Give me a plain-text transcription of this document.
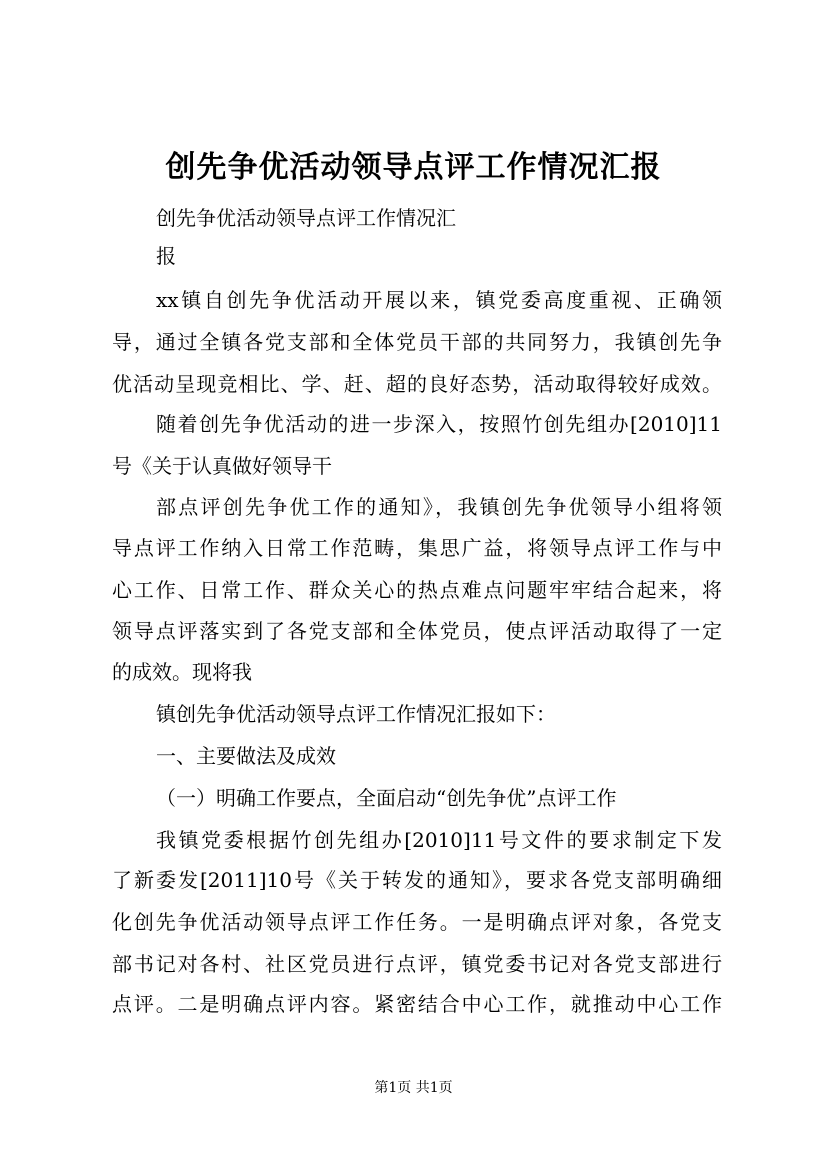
创先争优活动领导点评工作情况汇报
创先争优活动领导点评工作情况汇
报
xx镇自创先争优活动开展以来，镇党委高度重视、正确领
导，通过全镇各党支部和全体党员干部的共同努力，我镇创先争
优活动呈现竞相比、学、赶、超的良好态势，活动取得较好成效。
随着创先争优活动的进一步深入，按照竹创先组办[2010]11
号《关于认真做好领导干
部点评创先争优工作的通知》，我镇创先争优领导小组将领
导点评工作纳入日常工作范畴，集思广益，将领导点评工作与中
心工作、日常工作、群众关心的热点难点问题牢牢结合起来，将
领导点评落实到了各党支部和全体党员，使点评活动取得了一定
的成效。现将我
镇创先争优活动领导点评工作情况汇报如下：
一、主要做法及成效
（一）明确工作要点，全面启动“创先争优”点评工作
我镇党委根据竹创先组办[2010]11号文件的要求制定下发
了新委发[2011]10号《关于转发的通知》，要求各党支部明确细
化创先争优活动领导点评工作任务。一是明确点评对象，各党支
部书记对各村、社区党员进行点评，镇党委书记对各党支部进行
点评。二是明确点评内容。紧密结合中心工作，就推动中心工作
第1页 共1页
